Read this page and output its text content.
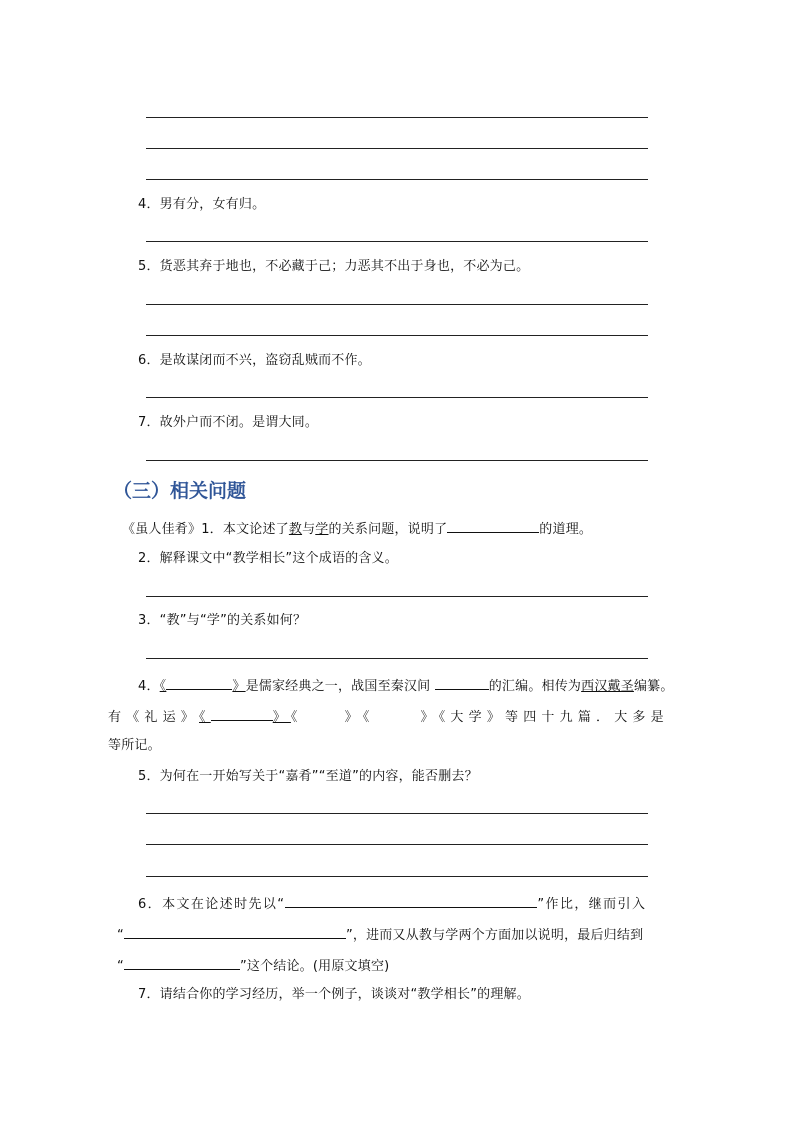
4．男有分，女有归。
5．货恶其弃于地也，不必藏于己；力恶其不出于身也，不必为己。
6．是故谋闭而不兴，盗窃乱贼而不作。
7．故外户而不闭。是谓大同。
（三）相关问题
《虽人佳肴》1．本文论述了教与学的关系问题，说明了	的道理。
2．解释课文中“教学相长”这个成语的含义。
3．“教”与“学”的关系如何？
4．《	》是儒家经典之一，战国至秦汉间	的汇编。相传为西汉戴圣编纂。
有《礼运》《	》《	》《	》《大学》等四十九篇．大多是
等所记。
5．为何在一开始写关于“嘉肴”“至道”的内容，能否删去？
6．本文在论述时先以“	”作比，继而引入
“	”，进而又从教与学两个方面加以说明，最后归结到
“	”这个结论。(用原文填空)
7．请结合你的学习经历，举一个例子，谈谈对“教学相长”的理解。
